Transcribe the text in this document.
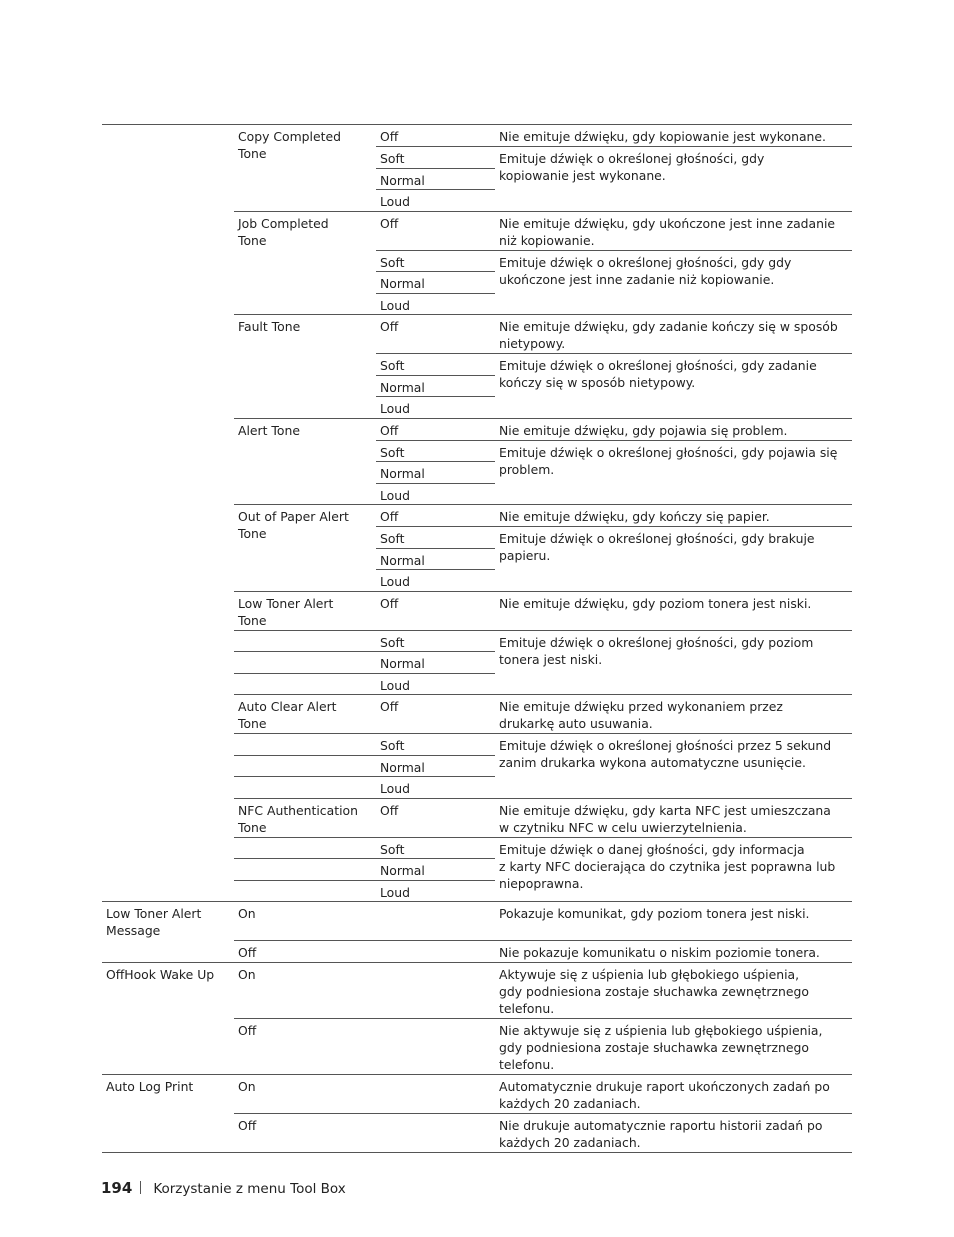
Copy Completed
Tone
Off	Nie emituje dźwięku, gdy kopiowanie jest wykonane.
Soft	Emituje dźwięk o określonej głośności, gdy
kopiowanie jest wykonane.
Normal
Loud
Job Completed
Tone
Off	Nie emituje dźwięku, gdy ukończone jest inne zadanie
niż kopiowanie.
Soft	Emituje dźwięk o określonej głośności, gdy gdy
ukończone jest inne zadanie niż kopiowanie.
Normal
Loud
Fault Tone	Off	Nie emituje dźwięku, gdy zadanie kończy się w sposób
nietypowy.
Soft	Emituje dźwięk o określonej głośności, gdy zadanie
kończy się w sposób nietypowy.
Normal
Loud
Alert Tone	Off	Nie emituje dźwięku, gdy pojawia się problem.
Soft	Emituje dźwięk o określonej głośności, gdy pojawia się
problem.
Normal
Loud
Out of Paper Alert
Tone
Off	Nie emituje dźwięku, gdy kończy się papier.
Soft	Emituje dźwięk o określonej głośności, gdy brakuje
papieru.
Normal
Loud
Low Toner Alert
Tone
Off	Nie emituje dźwięku, gdy poziom tonera jest niski.
Soft	Emituje dźwięk o określonej głośności, gdy poziom
tonera jest niski.
Normal
Loud
Auto Clear Alert
Tone
Off	Nie emituje dźwięku przed wykonaniem przez
drukarkę auto usuwania.
Soft	Emituje dźwięk o określonej głośności przez 5 sekund
zanim drukarka wykona automatyczne usunięcie.
Normal
Loud
NFC Authentication
Tone
Off	Nie emituje dźwięku, gdy karta NFC jest umieszczana
w czytniku NFC w celu uwierzytelnienia.
Soft	Emituje dźwięk o danej głośności, gdy informacja
z karty NFC docierająca do czytnika jest poprawna lub
niepoprawna.
Normal
Loud
Low Toner Alert
Message
On	Pokazuje komunikat, gdy poziom tonera jest niski.
Off	Nie pokazuje komunikatu o niskim poziomie tonera.
OffHook Wake Up On	Aktywuje się z uśpienia lub głębokiego uśpienia,
gdy podniesiona zostaje słuchawka zewnętrznego
telefonu.
Off	Nie aktywuje się z uśpienia lub głębokiego uśpienia,
gdy podniesiona zostaje słuchawka zewnętrznego
telefonu.
Auto Log Print	On	Automatycznie drukuje raport ukończonych zadań po
każdych 20 zadaniach.
Off	Nie drukuje automatycznie raportu historii zadań po
każdych 20 zadaniach.
194 Korzystanie z menu Tool Box
